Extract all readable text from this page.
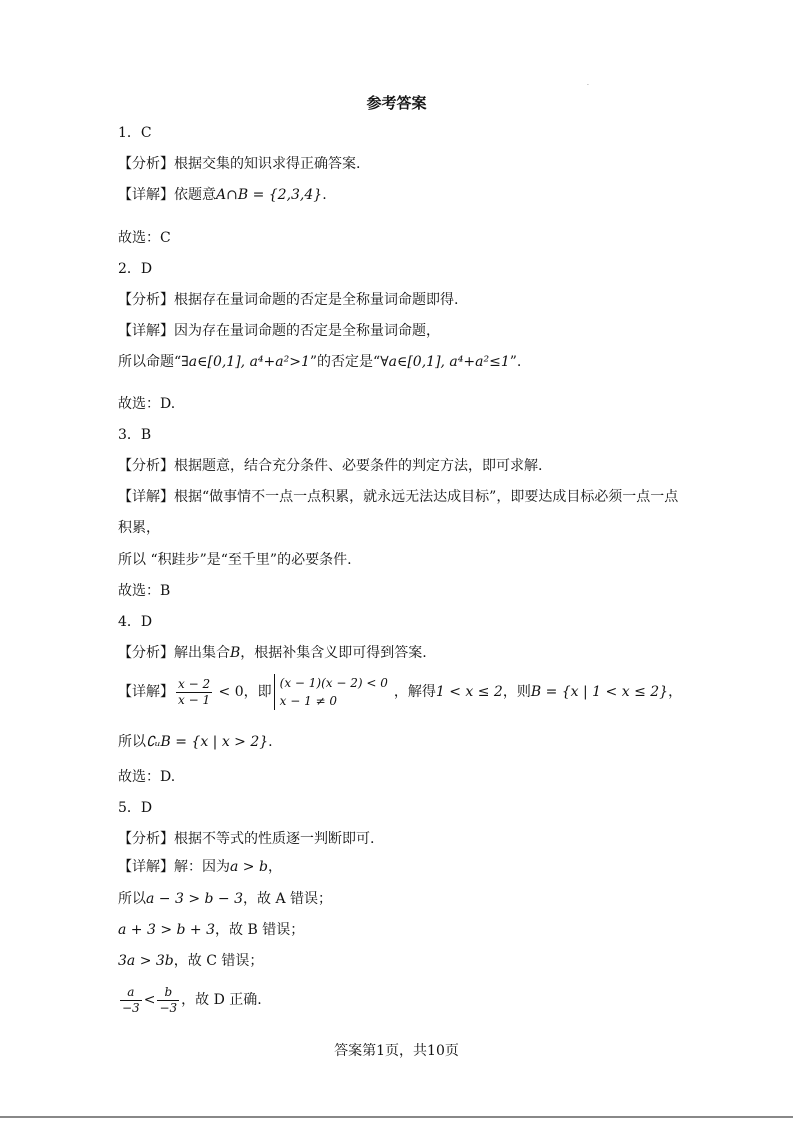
·
参考答案
1．C
【分析】根据交集的知识求得正确答案.
【详解】依题意A∩B = {2,3,4}.
故选：C
2．D
【分析】根据存在量词命题的否定是全称量词命题即得.
【详解】因为存在量词命题的否定是全称量词命题，
所以命题“∃a∈[0,1], a⁴+a²>1”的否定是“∀a∈[0,1], a⁴+a²≤1”.
故选：D.
3．B
【分析】根据题意，结合充分条件、必要条件的判定方法，即可求解.
【详解】根据“做事情不一点一点积累，就永远无法达成目标”，即要达成目标必须一点一点
积累，
所以 “积跬步”是“至千里”的必要条件.
故选：B
4．D
【分析】解出集合B，根据补集含义即可得到答案.
【详解】 $\frac{x - 2}{x - 1} < 0$，即
(x − 1)(x − 2) < 0
x − 1 ≠ 0
，解得1 < x ≤ 2，则B = {x | 1 < x ≤ 2}，
所以∁ᵤB = {x | x > 2}.
故选：D.
5．D
【分析】根据不等式的性质逐一判断即可.
【详解】解：因为a > b，
所以a − 3 > b − 3，故 A 错误；
a + 3 > b + 3，故 B 错误；
3a > 3b，故 C 错误；
$\frac{a}{-3} < \frac{b}{-3}$ ，故 D 正确.
答案第1页，共10页
